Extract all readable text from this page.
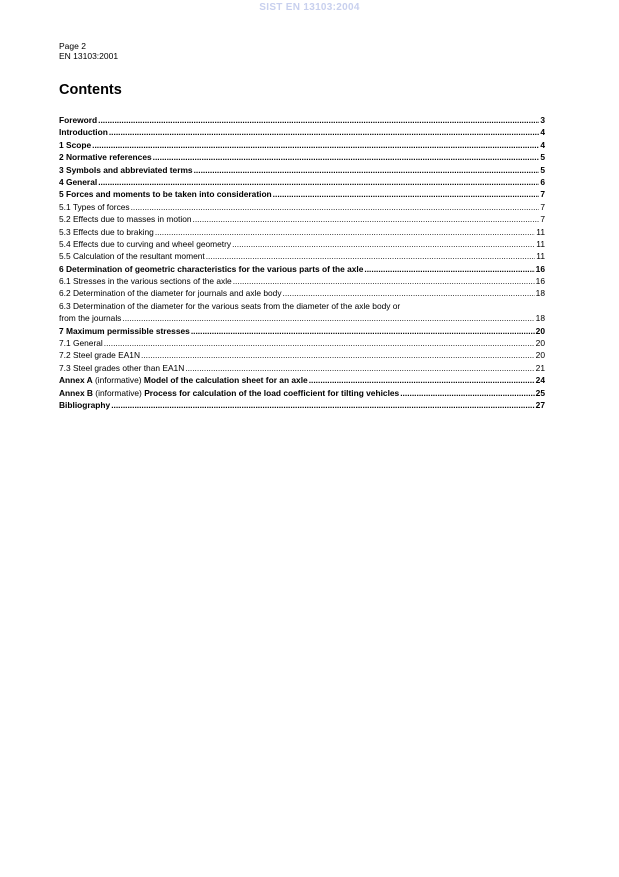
SIST EN 13103:2004
Page 2
EN 13103:2001
Contents
Foreword .....	3
Introduction .....	4
1 Scope .....	4
2 Normative references .....	5
3 Symbols and abbreviated terms .....	5
4 General .....	6
5 Forces and moments to be taken into consideration .....	7
5.1 Types of forces .....	7
5.2 Effects due to masses in motion .....	7
5.3 Effects due to braking .....	11
5.4 Effects due to curving and wheel geometry .....	11
5.5 Calculation of the resultant moment .....	11
6 Determination of geometric characteristics for the various parts of the axle .....	16
6.1 Stresses in the various sections of the axle .....	16
6.2 Determination of the diameter for journals and axle body .....	18
6.3 Determination of the diameter for the various seats from the diameter of the axle body or
from the journals .....	18
7 Maximum permissible stresses .....	20
7.1 General .....	20
7.2 Steel grade EA1N .....	20
7.3 Steel grades other than EA1N .....	21
Annex A (informative) Model of the calculation sheet for an axle .....	24
Annex B (informative) Process for calculation of the load coefficient for tilting vehicles .....	25
Bibliography .....	27
